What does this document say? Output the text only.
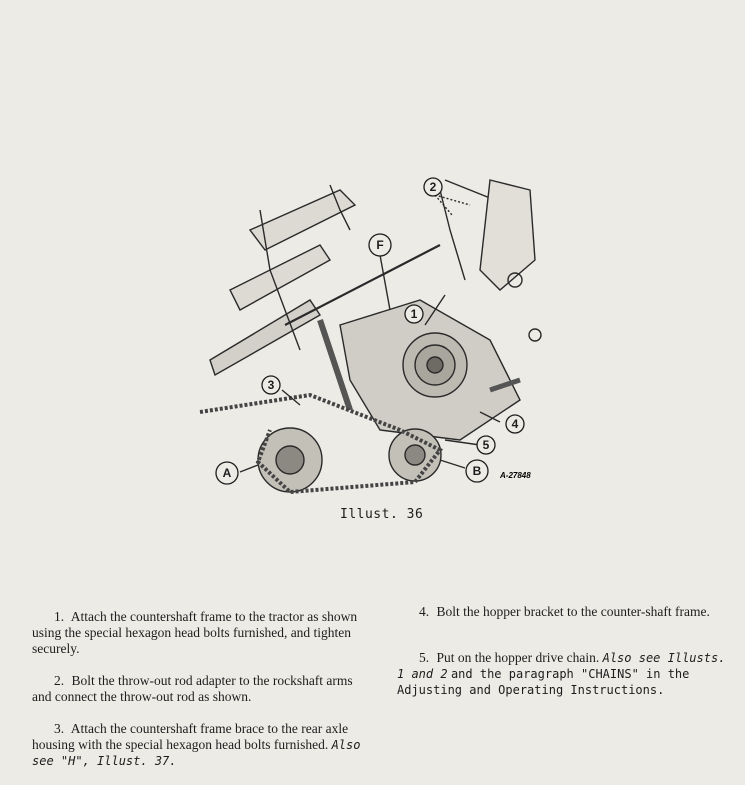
F
2
1
3
4
5
A	B A-27848
Illust. 36

1. Attach the countershaft frame to the tractor as shown using the special hexagon head bolts furnished, and tighten securely.

2. Bolt the throw-out rod adapter to the rockshaft arms and connect the throw-out rod as shown.

3. Attach the countershaft frame brace to the rear axle housing with the special hexagon head bolts furnished. Also see "H", Illust. 37.

4. Bolt the hopper bracket to the counter-shaft frame.

5. Put on the hopper drive chain. Also see Illusts. 1 and 2 and the paragraph "CHAINS" in the Adjusting and Operating Instructions.
